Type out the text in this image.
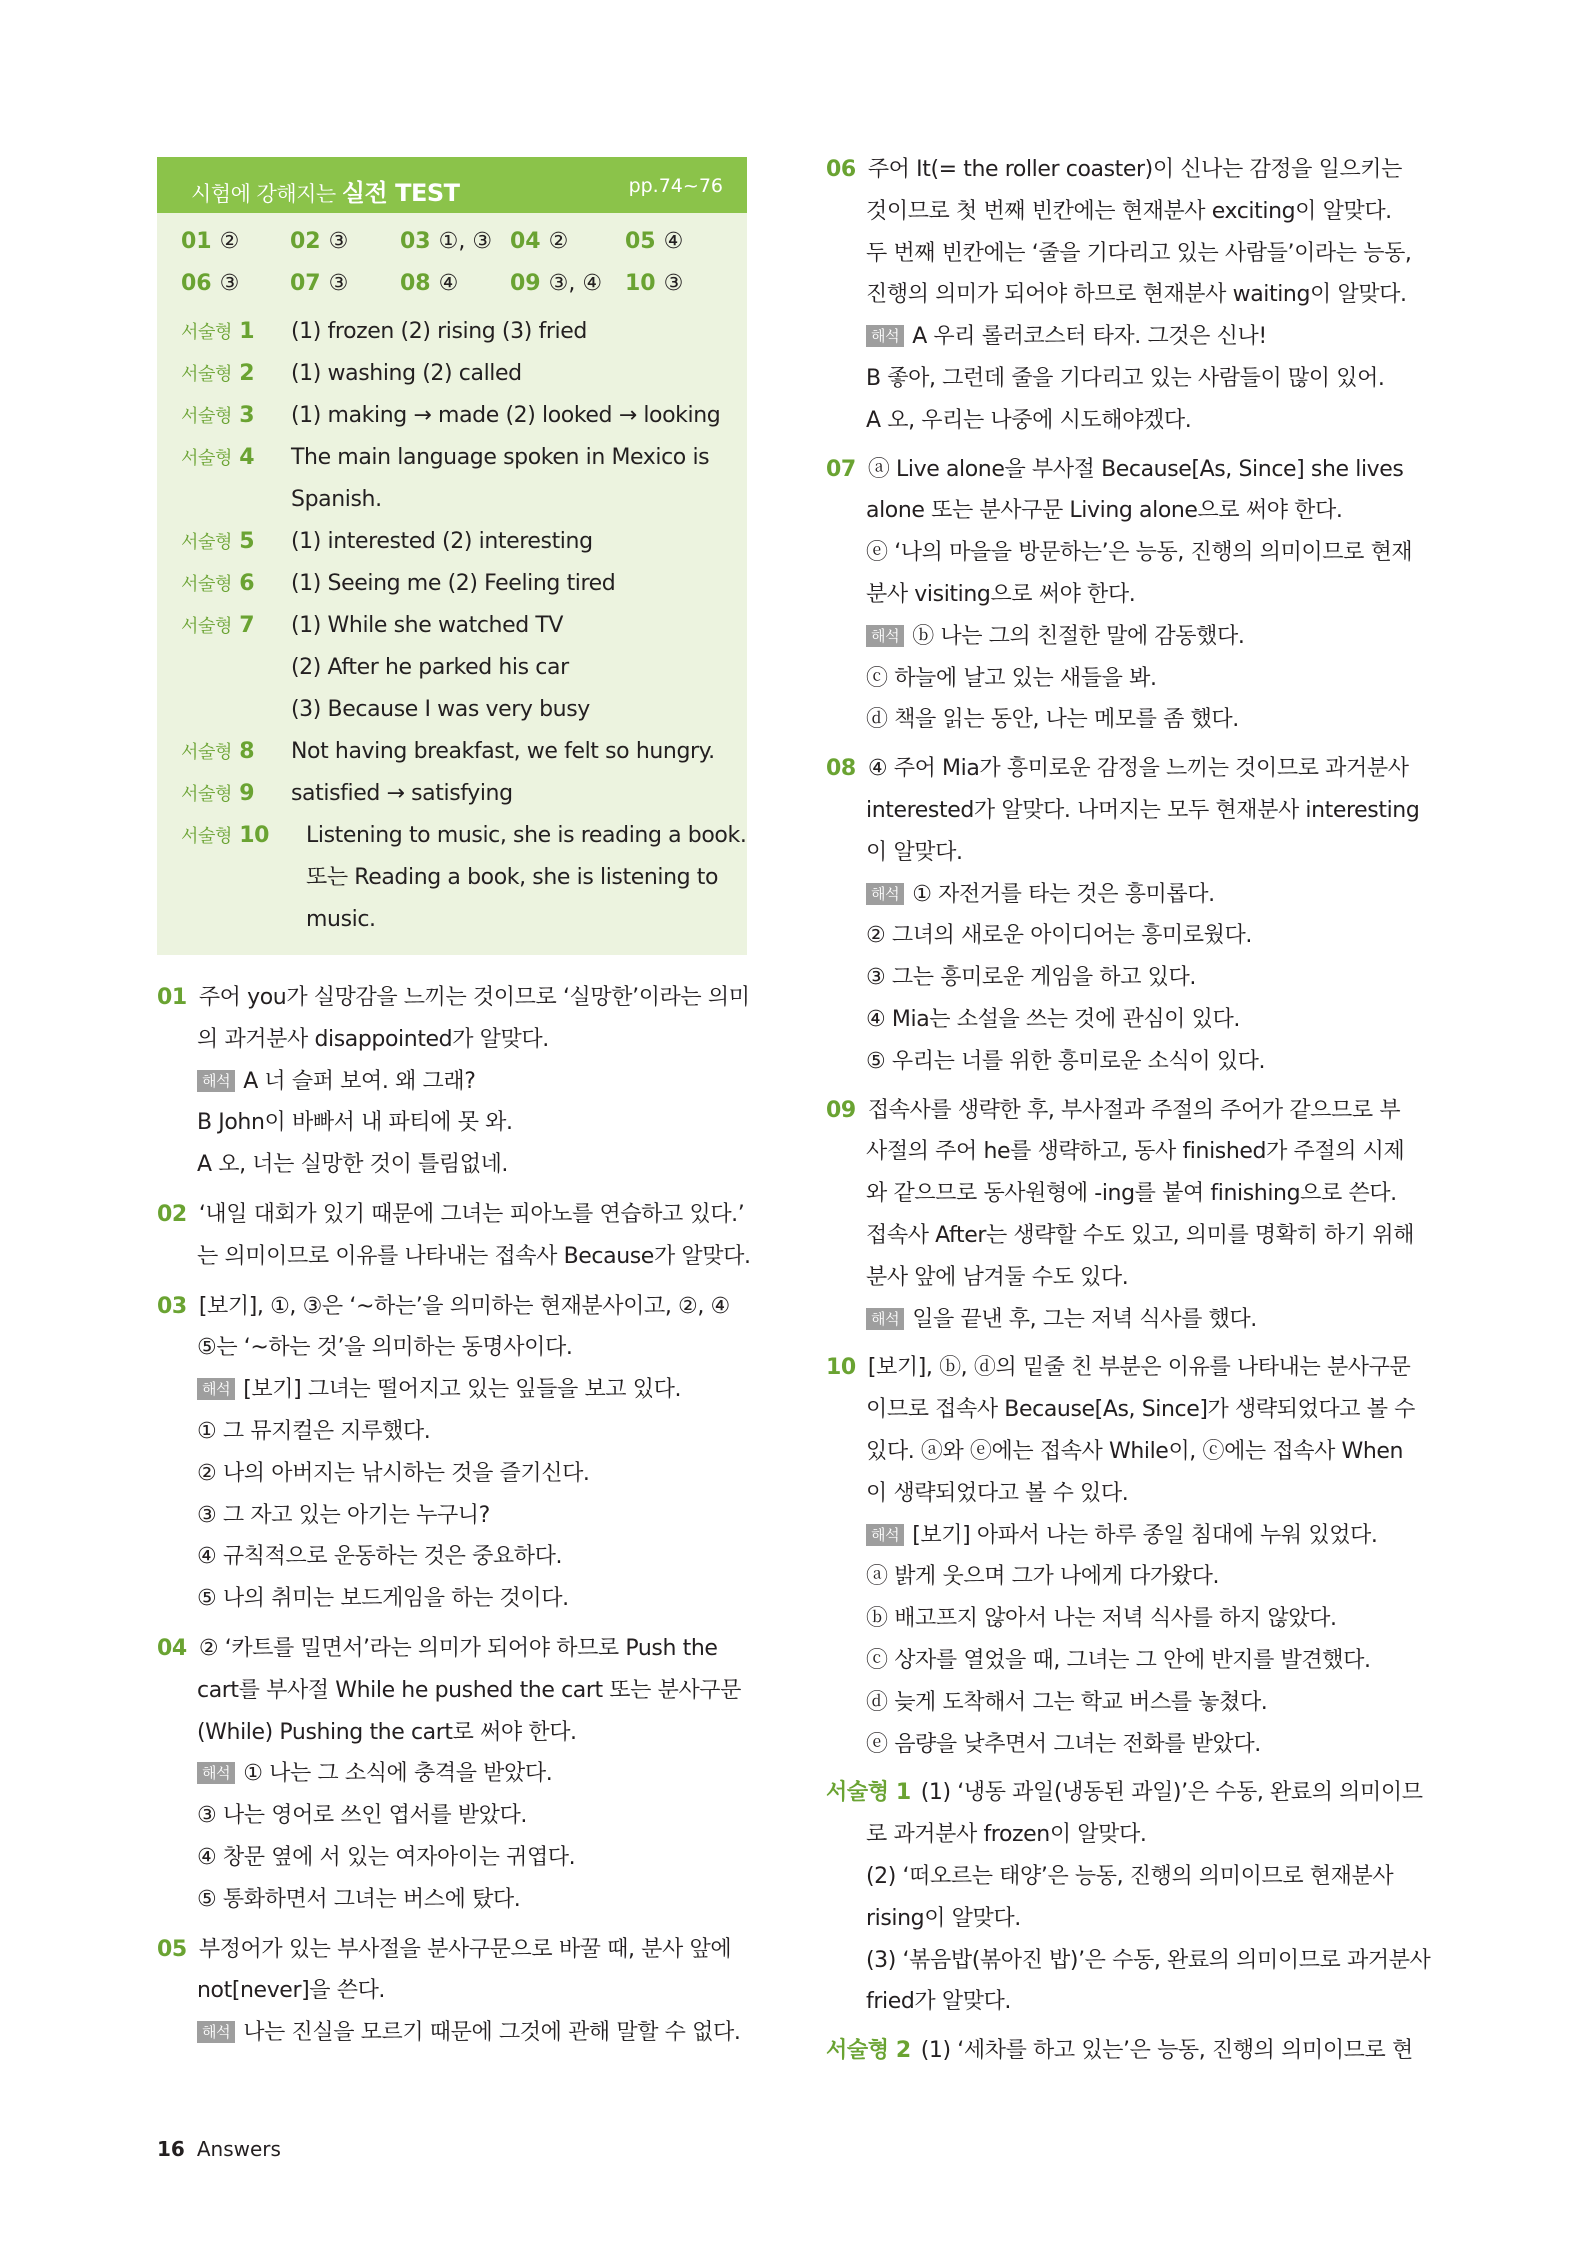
시험에 강해지는 실전 TEST	pp.74~76
01 주어 you가 실망감을 느끼는 것이므로 ‘실망한’이라는 의미
의 과거분사 disappointed가 알맞다.
해석 A 너 슬퍼 보여. 왜 그래?
B John이 바빠서 내 파티에 못 와.
A 오, 너는 실망한 것이 틀림없네.
02 ‘내일 대회가 있기 때문에 그녀는 피아노를 연습하고 있다.’
는 의미이므로 이유를 나타내는 접속사 Because가 알맞다.
03 [보기], ①, ③은 ‘~하는’을 의미하는 현재분사이고, ②, ④
⑤는 ‘~하는 것’을 의미하는 동명사이다.
해석 [보기] 그녀는 떨어지고 있는 잎들을 보고 있다.
① 그 뮤지컬은 지루했다.
② 나의 아버지는 낚시하는 것을 즐기신다.
③ 그 자고 있는 아기는 누구니?
④ 규칙적으로 운동하는 것은 중요하다.
⑤ 나의 취미는 보드게임을 하는 것이다.
04 ② ‘카트를 밀면서’라는 의미가 되어야 하므로 Push the
cart를 부사절 While he pushed the cart 또는 분사구문
(While) Pushing the cart로 써야 한다.
해석 ① 나는 그 소식에 충격을 받았다.
③ 나는 영어로 쓰인 엽서를 받았다.
④ 창문 옆에 서 있는 여자아이는 귀엽다.
⑤ 통화하면서 그녀는 버스에 탔다.
05 부정어가 있는 부사절을 분사구문으로 바꿀 때, 분사 앞에
not[never]을 쓴다.
해석 나는 진실을 모르기 때문에 그것에 관해 말할 수 없다.
01 ② 02 ③ 03 ①, ③ 04 ②	05 ④
06 ③ 07 ③ 08 ④ 09 ③, ④ 10 ③
서술형 1 (1) frozen (2) rising (3) fried
서술형 2 (1) washing (2) called
서술형 3 (1) making → made (2) looked → looking
서술형 4 The main language spoken in Mexico is
Spanish.
서술형 5 (1) interested (2) interesting
서술형 6 (1) Seeing me (2) Feeling tired
서술형 7 (1) While she watched TV
(2) After he parked his car
(3) Because I was very busy
서술형 8 Not having breakfast, we felt so hungry.
서술형 9 satisfied → satisfying
서술형 10 Listening to music, she is reading a book.
또는 Reading a book, she is listening to
music.
06 주어 It(= the roller coaster)이 신나는 감정을 일으키는
것이므로 첫 번째 빈칸에는 현재분사 exciting이 알맞다.
두 번째 빈칸에는 ‘줄을 기다리고 있는 사람들’이라는 능동,
진행의 의미가 되어야 하므로 현재분사 waiting이 알맞다.
해석 A 우리 롤러코스터 타자. 그것은 신나!
B 좋아, 그런데 줄을 기다리고 있는 사람들이 많이 있어.
A 오, 우리는 나중에 시도해야겠다.
07 ⓐ Live alone을 부사절 Because[As, Since] she lives
alone 또는 분사구문 Living alone으로 써야 한다.
ⓔ ‘나의 마을을 방문하는’은 능동, 진행의 의미이므로 현재
분사 visiting으로 써야 한다.
해석 ⓑ 나는 그의 친절한 말에 감동했다.
ⓒ 하늘에 날고 있는 새들을 봐.
ⓓ 책을 읽는 동안, 나는 메모를 좀 했다.
08 ④ 주어 Mia가 흥미로운 감정을 느끼는 것이므로 과거분사
interested가 알맞다. 나머지는 모두 현재분사 interesting
이 알맞다.
해석 ① 자전거를 타는 것은 흥미롭다.
② 그녀의 새로운 아이디어는 흥미로웠다.
③ 그는 흥미로운 게임을 하고 있다.
④ Mia는 소설을 쓰는 것에 관심이 있다.
⑤ 우리는 너를 위한 흥미로운 소식이 있다.
09 접속사를 생략한 후, 부사절과 주절의 주어가 같으므로 부
사절의 주어 he를 생략하고, 동사 finished가 주절의 시제
와 같으므로 동사원형에 -ing를 붙여 finishing으로 쓴다.
접속사 After는 생략할 수도 있고, 의미를 명확히 하기 위해
분사 앞에 남겨둘 수도 있다.
해석 일을 끝낸 후, 그는 저녁 식사를 했다.
10 [보기], ⓑ, ⓓ의 밑줄 친 부분은 이유를 나타내는 분사구문
이므로 접속사 Because[As, Since]가 생략되었다고 볼 수
있다. ⓐ와 ⓔ에는 접속사 While이, ⓒ에는 접속사 When
이 생략되었다고 볼 수 있다.
해석 [보기] 아파서 나는 하루 종일 침대에 누워 있었다.
ⓐ 밝게 웃으며 그가 나에게 다가왔다.
ⓑ 배고프지 않아서 나는 저녁 식사를 하지 않았다.
ⓒ 상자를 열었을 때, 그녀는 그 안에 반지를 발견했다.
ⓓ 늦게 도착해서 그는 학교 버스를 놓쳤다.
ⓔ 음량을 낮추면서 그녀는 전화를 받았다.
서술형 1 (1) ‘냉동 과일(냉동된 과일)’은 수동, 완료의 의미이므
로 과거분사 frozen이 알맞다.
(2) ‘떠오르는 태양’은 능동, 진행의 의미이므로 현재분사
rising이 알맞다.
(3) ‘볶음밥(볶아진 밥)’은 수동, 완료의 의미이므로 과거분사
fried가 알맞다.
서술형 2 (1) ‘세차를 하고 있는’은 능동, 진행의 의미이므로 현
16 Answers
